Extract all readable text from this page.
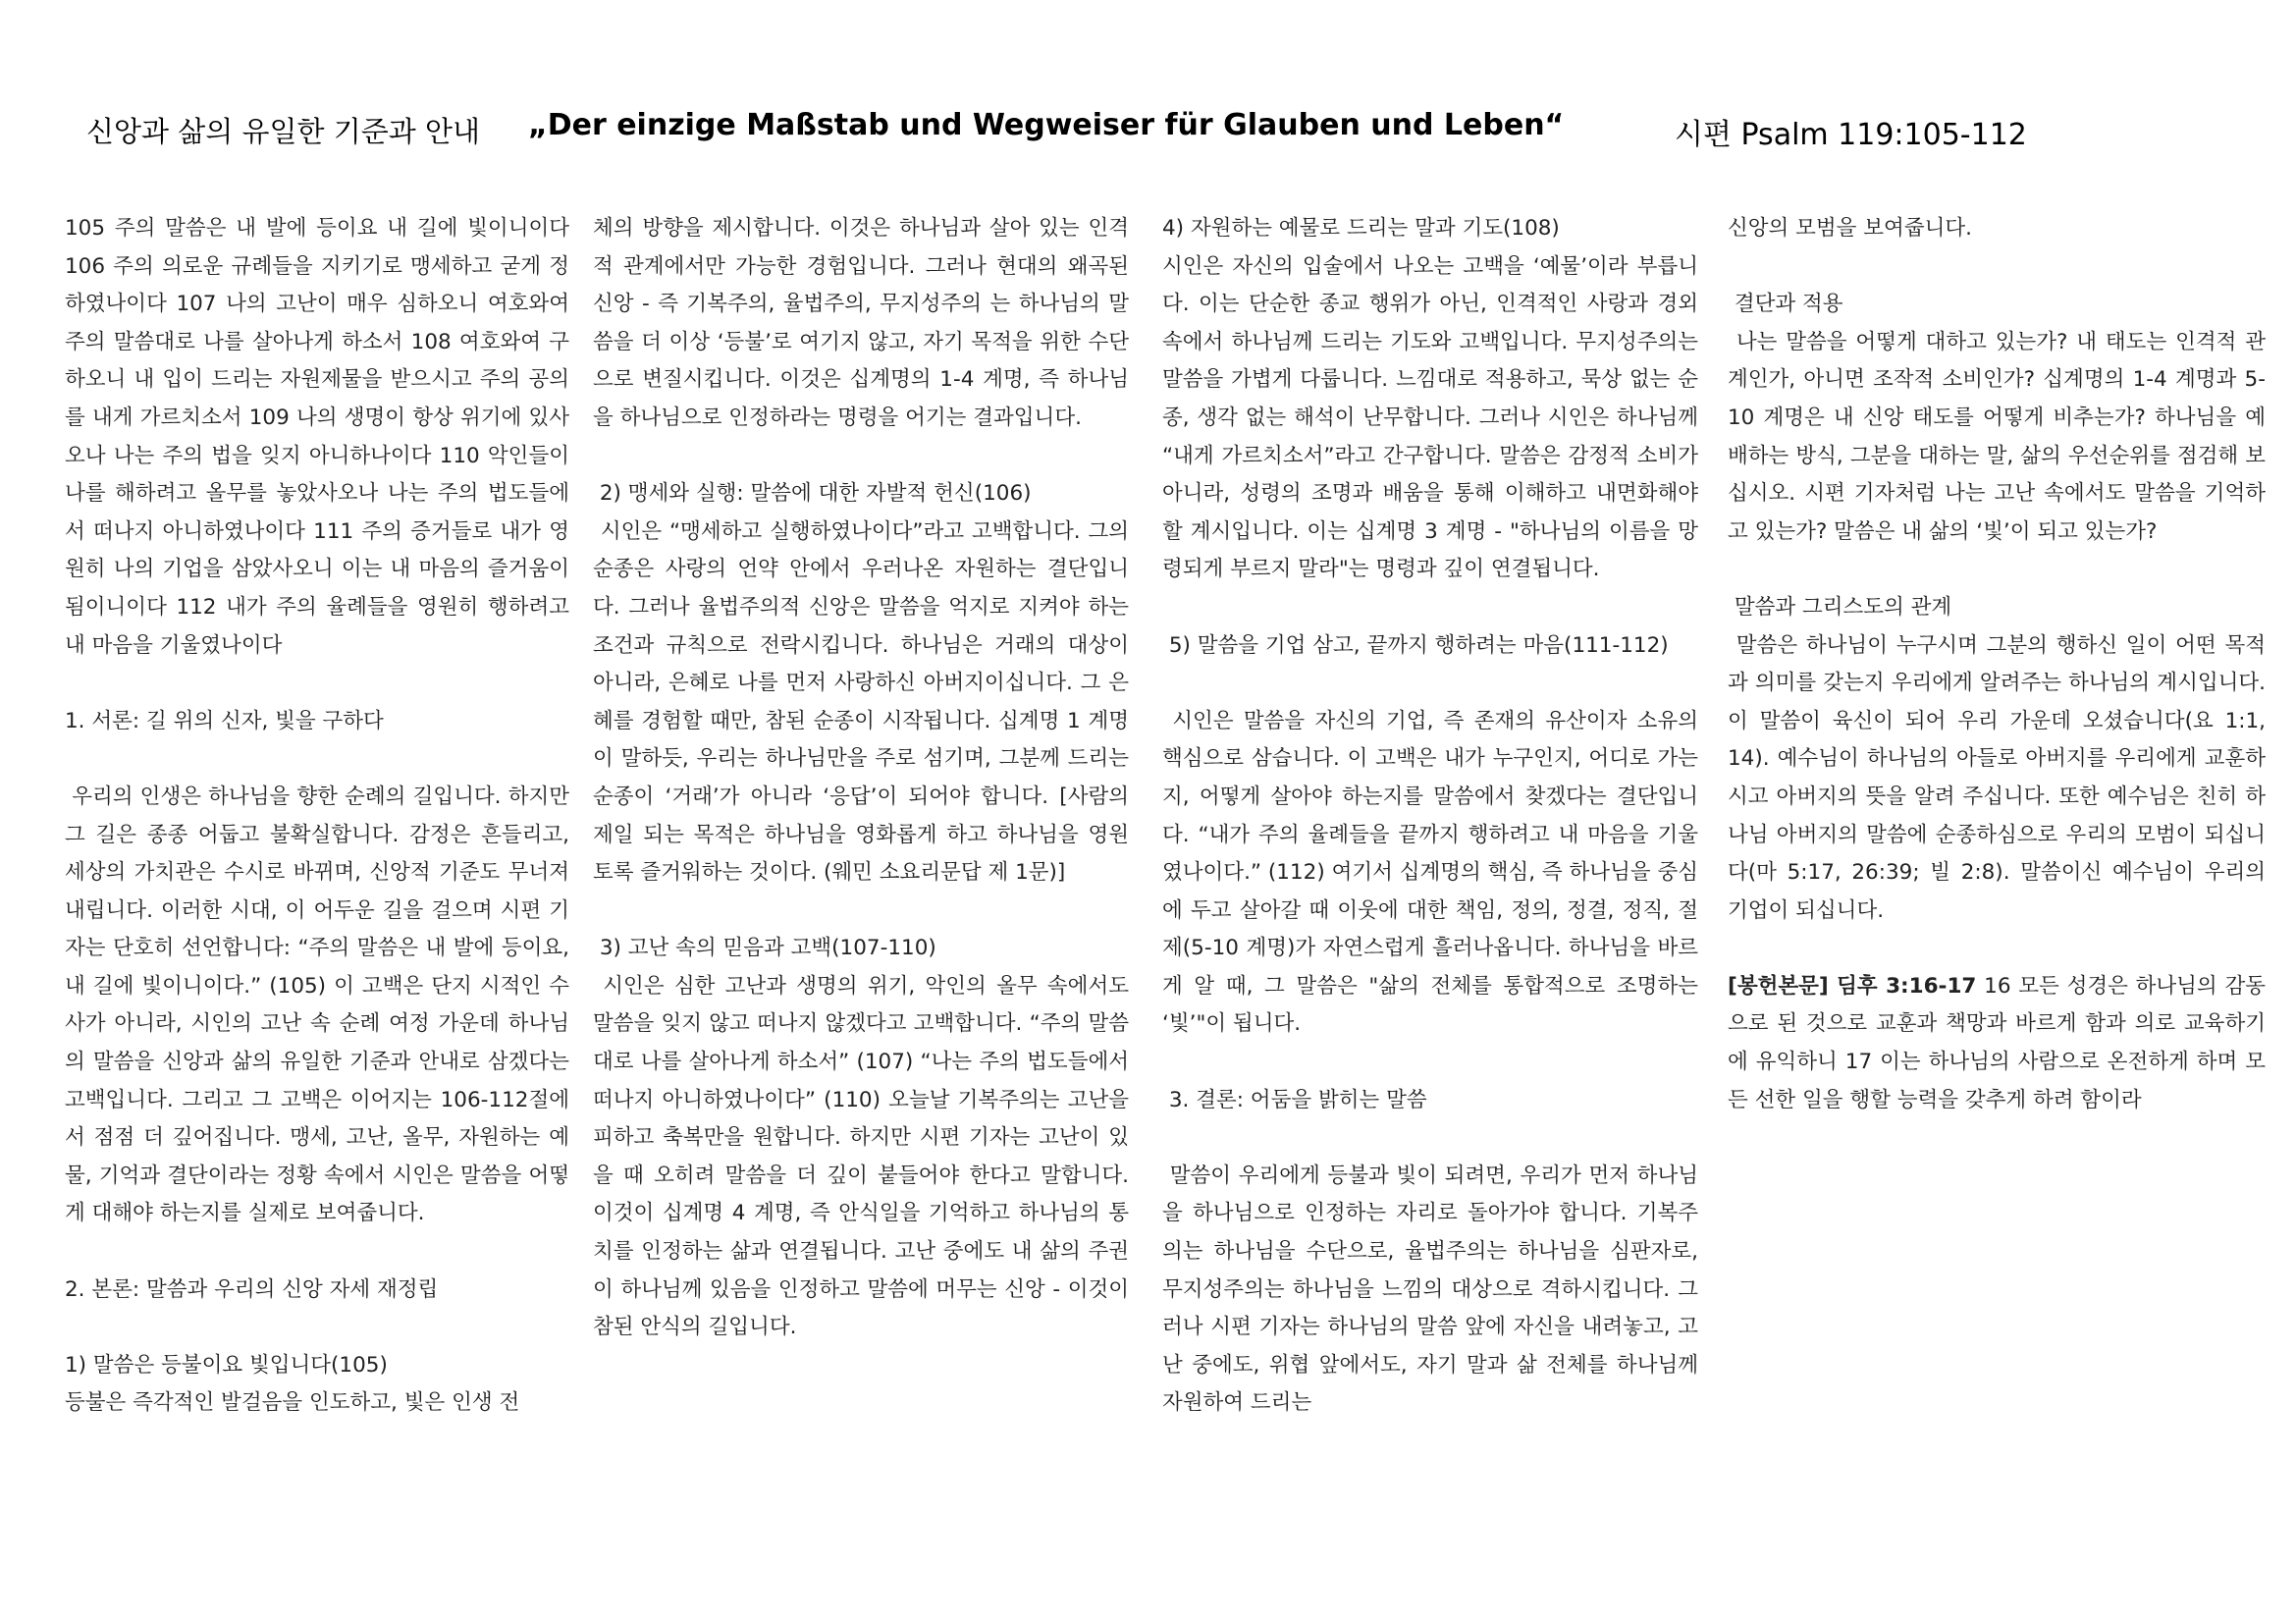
신앙과 삶의 유일한 기준과 안내 „Der einzige Maßstab und Wegweiser für Glauben und Leben“	시편 Psalm 119:105-112

105 주의 말씀은 내 발에 등이요 내 길에 빛이니이다 106 주의 의로운 규례들을 지키기로 맹세하고 굳게 정하였나이다 107 나의 고난이 매우 심하오니 여호와여 주의 말씀대로 나를 살아나게 하소서 108 여호와여 구하오니 내 입이 드리는 자원제물을 받으시고 주의 공의를 내게 가르치소서 109 나의 생명이 항상 위기에 있사오나 나는 주의 법을 잊지 아니하나이다 110 악인들이 나를 해하려고 올무를 놓았사오나 나는 주의 법도들에서 떠나지 아니하였나이다 111 주의 증거들로 내가 영원히 나의 기업을 삼았사오니 이는 내 마음의 즐거움이 됨이니이다 112 내가 주의 율례들을 영원히 행하려고 내 마음을 기울였나이다

1. 서론: 길 위의 신자, 빛을 구하다

우리의 인생은 하나님을 향한 순례의 길입니다. 하지만 그 길은 종종 어둡고 불확실합니다. 감정은 흔들리고, 세상의 가치관은 수시로 바뀌며, 신앙적 기준도 무너져 내립니다. 이러한 시대, 이 어두운 길을 걸으며 시편 기자는 단호히 선언합니다: “주의 말씀은 내 발에 등이요, 내 길에 빛이니이다.” (105) 이 고백은 단지 시적인 수사가 아니라, 시인의 고난 속 순례 여정 가운데 하나님의 말씀을 신앙과 삶의 유일한 기준과 안내로 삼겠다는 고백입니다. 그리고 그 고백은 이어지는 106-112절에서 점점 더 깊어집니다. 맹세, 고난, 올무, 자원하는 예물, 기억과 결단이라는 정황 속에서 시인은 말씀을 어떻게 대해야 하는지를 실제로 보여줍니다.

2. 본론: 말씀과 우리의 신앙 자세 재정립

1) 말씀은 등불이요 빛입니다(105)

등불은 즉각적인 발걸음을 인도하고, 빛은 인생 전

체의 방향을 제시합니다. 이것은 하나님과 살아 있는 인격적 관계에서만 가능한 경험입니다. 그러나 현대의 왜곡된 신앙 - 즉 기복주의, 율법주의, 무지성주의 는 하나님의 말씀을 더 이상 ‘등불’로 여기지 않고, 자기 목적을 위한 수단으로 변질시킵니다. 이것은 십계명의 1-4 계명, 즉 하나님을 하나님으로 인정하라는 명령을 어기는 결과입니다.

2) 맹세와 실행: 말씀에 대한 자발적 헌신(106)

시인은 “맹세하고 실행하였나이다”라고 고백합니다. 그의 순종은 사랑의 언약 안에서 우러나온 자원하는 결단입니다. 그러나 율법주의적 신앙은 말씀을 억지로 지켜야 하는 조건과 규칙으로 전락시킵니다. 하나님은 거래의 대상이 아니라, 은혜로 나를 먼저 사랑하신 아버지이십니다. 그 은혜를 경험할 때만, 참된 순종이 시작됩니다. 십계명 1 계명이 말하듯, 우리는 하나님만을 주로 섬기며, 그분께 드리는 순종이 ‘거래’가 아니라 ‘응답’이 되어야 합니다. [사람의 제일 되는 목적은 하나님을 영화롭게 하고 하나님을 영원토록 즐거워하는 것이다. (웨민 소요리문답 제 1문)]

3) 고난 속의 믿음과 고백(107-110)

시인은 심한 고난과 생명의 위기, 악인의 올무 속에서도 말씀을 잊지 않고 떠나지 않겠다고 고백합니다. “주의 말씀대로 나를 살아나게 하소서” (107) “나는 주의 법도들에서 떠나지 아니하였나이다” (110) 오늘날 기복주의는 고난을 피하고 축복만을 원합니다. 하지만 시편 기자는 고난이 있을 때 오히려 말씀을 더 깊이 붙들어야 한다고 말합니다. 이것이 십계명 4 계명, 즉 안식일을 기억하고 하나님의 통치를 인정하는 삶과 연결됩니다. 고난 중에도 내 삶의 주권이 하나님께 있음을 인정하고 말씀에 머무는 신앙 - 이것이 참된 안식의 길입니다.

4) 자원하는 예물로 드리는 말과 기도(108)

시인은 자신의 입술에서 나오는 고백을 ‘예물’이라 부릅니다. 이는 단순한 종교 행위가 아닌, 인격적인 사랑과 경외 속에서 하나님께 드리는 기도와 고백입니다. 무지성주의는 말씀을 가볍게 다룹니다. 느낌대로 적용하고, 묵상 없는 순종, 생각 없는 해석이 난무합니다. 그러나 시인은 하나님께 “내게 가르치소서”라고 간구합니다. 말씀은 감정적 소비가 아니라, 성령의 조명과 배움을 통해 이해하고 내면화해야 할 계시입니다. 이는 십계명 3 계명 - "하나님의 이름을 망령되게 부르지 말라"는 명령과 깊이 연결됩니다.

5) 말씀을 기업 삼고, 끝까지 행하려는 마음(111-112)

시인은 말씀을 자신의 기업, 즉 존재의 유산이자 소유의 핵심으로 삼습니다. 이 고백은 내가 누구인지, 어디로 가는지, 어떻게 살아야 하는지를 말씀에서 찾겠다는 결단입니다. “내가 주의 율례들을 끝까지 행하려고 내 마음을 기울였나이다.” (112) 여기서 십계명의 핵심, 즉 하나님을 중심에 두고 살아갈 때 이웃에 대한 책임, 정의, 정결, 정직, 절제(5-10 계명)가 자연스럽게 흘러나옵니다. 하나님을 바르게 알 때, 그 말씀은 "삶의 전체를 통합적으로 조명하는 ‘빛’"이 됩니다.

3. 결론: 어둠을 밝히는 말씀

말씀이 우리에게 등불과 빛이 되려면, 우리가 먼저 하나님을 하나님으로 인정하는 자리로 돌아가야 합니다. 기복주의는 하나님을 수단으로, 율법주의는 하나님을 심판자로, 무지성주의는 하나님을 느낌의 대상으로 격하시킵니다. 그러나 시편 기자는 하나님의 말씀 앞에 자신을 내려놓고, 고난 중에도, 위협 앞에서도, 자기 말과 삶 전체를 하나님께 자원하여 드리는

신앙의 모범을 보여줍니다.

결단과 적용

나는 말씀을 어떻게 대하고 있는가? 내 태도는 인격적 관계인가, 아니면 조작적 소비인가? 십계명의 1-4 계명과 5-10 계명은 내 신앙 태도를 어떻게 비추는가? 하나님을 예배하는 방식, 그분을 대하는 말, 삶의 우선순위를 점검해 보십시오. 시편 기자처럼 나는 고난 속에서도 말씀을 기억하고 있는가? 말씀은 내 삶의 ‘빛’이 되고 있는가?

말씀과 그리스도의 관계

말씀은 하나님이 누구시며 그분의 행하신 일이 어떤 목적과 의미를 갖는지 우리에게 알려주는 하나님의 계시입니다. 이 말씀이 육신이 되어 우리 가운데 오셨습니다(요 1:1, 14). 예수님이 하나님의 아들로 아버지를 우리에게 교훈하시고 아버지의 뜻을 알려 주십니다. 또한 예수님은 친히 하나님 아버지의 말씀에 순종하심으로 우리의 모범이 되십니다(마 5:17, 26:39; 빌 2:8). 말씀이신 예수님이 우리의 기업이 되십니다.

[봉헌본문] 딤후 3:16-17 16 모든 성경은 하나님의 감동으로 된 것으로 교훈과 책망과 바르게 함과 의로 교육하기에 유익하니 17 이는 하나님의 사람으로 온전하게 하며 모든 선한 일을 행할 능력을 갖추게 하려 함이라
